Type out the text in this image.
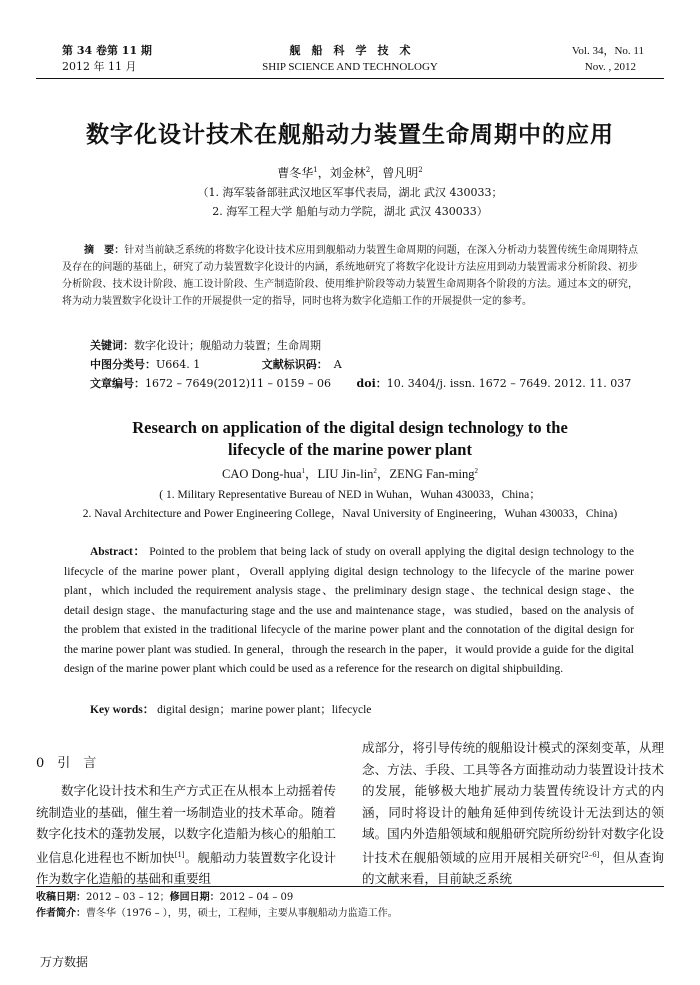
第 34 卷第 11 期
2012 年 11 月
舰　船　科　学　技　术
SHIP SCIENCE AND TECHNOLOGY
Vol. 34，No. 11
Nov. , 2012
数字化设计技术在舰船动力装置生命周期中的应用
曹冬华$^1$，刘金林$^2$，曾凡明$^2$
（1. 海军装备部驻武汉地区军事代表局，湖北 武汉 430033；
2. 海军工程大学 船舶与动力学院，湖北 武汉 430033）
摘　要：针对当前缺乏系统的将数字化设计技术应用到舰船动力装置生命周期的问题，在深入分析动力装置传统生命周期特点及存在的问题的基础上，研究了动力装置数字化设计的内涵，系统地研究了将数字化设计方法应用到动力装置需求分析阶段、初步分析阶段、技术设计阶段、施工设计阶段、生产制造阶段、使用维护阶段等动力装置生命周期各个阶段的方法。通过本文的研究，将为动力装置数字化设计工作的开展提供一定的指导，同时也将为数字化造船工作的开展提供一定的参考。
关键词：数字化设计；舰船动力装置；生命周期
中图分类号：U664. 1	文献标识码： A
文章编号：1672 – 7649(2012)11 – 0159 – 06 doi：10. 3404/j. issn. 1672 – 7649. 2012. 11. 037
Research on application of the digital design technology to the
lifecycle of the marine power plant
CAO Dong-hua$^1$，LIU Jin-lin$^2$，ZENG Fan-ming$^2$
( 1. Military Representative Bureau of NED in Wuhan，Wuhan 430033，China；
2. Naval Architecture and Power Engineering College，Naval University of Engineering，Wuhan 430033，China)
Abstract： Pointed to the problem that being lack of study on overall applying the digital design technology to the lifecycle of the marine power plant，Overall applying digital design technology to the lifecycle of the marine power plant，which included the requirement analysis stage、the preliminary design stage、the technical design stage、the detail design stage、the manufacturing stage and the use and maintenance stage，was studied，based on the analysis of the problem that existed in the traditional lifecycle of the marine power plant and the connotation of the digital design for the marine power plant was studied. In general，through the research in the paper，it would provide a guide for the digital design of the marine power plant which could be used as a reference for the research on digital shipbuilding.
Key words： digital design；marine power plant；lifecycle
0　引　言
数字化设计技术和生产方式正在从根本上动摇着传统制造业的基础，催生着一场制造业的技术革命。随着数字化技术的蓬勃发展，以数字化造船为核心的船舶工业信息化进程也不断加快[1]。舰船动力装置数字化设计作为数字化造船的基础和重要组
成部分，将引导传统的舰船设计模式的深刻变革，从理念、方法、手段、工具等各方面推动动力装置设计技术的发展，能够极大地扩展动力装置传统设计方式的内涵，同时将设计的触角延伸到传统设计无法到达的领域。国内外造船领域和舰船研究院所纷纷针对数字化设计技术在舰船领域的应用开展相关研究[2–6]，但从查询的文献来看，目前缺乏系统
收稿日期：2012 – 03 – 12；修回日期：2012 – 04 – 09
作者简介：曹冬华（1976 – ），男，硕士，工程师，主要从事舰船动力监造工作。
万方数据
